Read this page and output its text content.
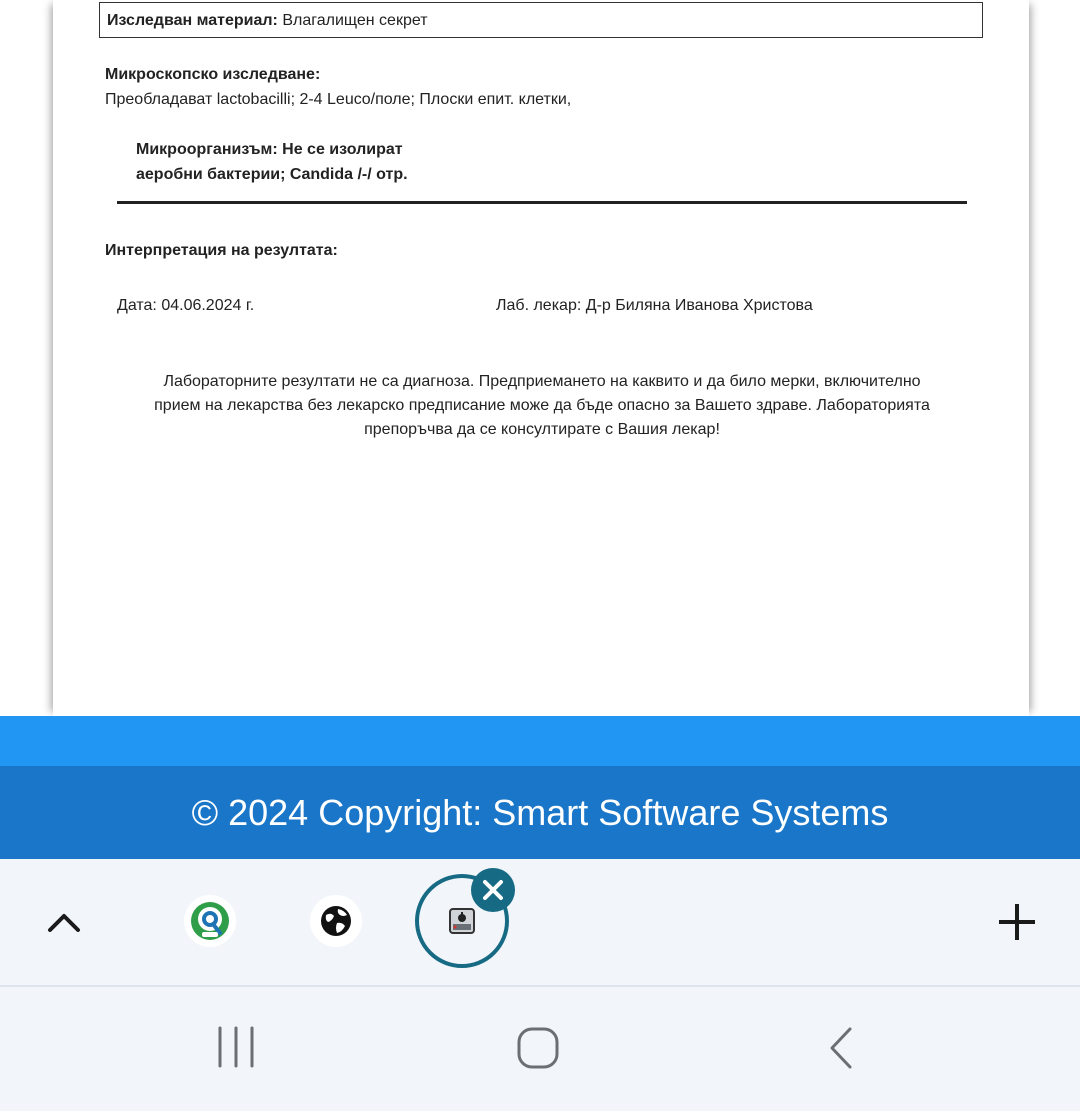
Изследван материал: Влагалищен секрет
Микроскопско изследване:
Преобладават lactobacilli; 2-4 Leuco/поле; Плоски епит. клетки,
Микроорганизъм: Не се изолират
аеробни бактерии; Candida /-/ отр.
Интерпретация на резултата:
Дата: 04.06.2024 г.	Лаб. лекар: Д-р Биляна Иванова Христова
Лабораторните резултати не са диагноза. Предприемането на каквито и да било мерки, включително
прием на лекарства без лекарско предписание може да бъде опасно за Вашето здраве. Лабораторията
препоръчва да се консултирате с Вашия лекар!
© 2024 Copyright: Smart Software Systems
